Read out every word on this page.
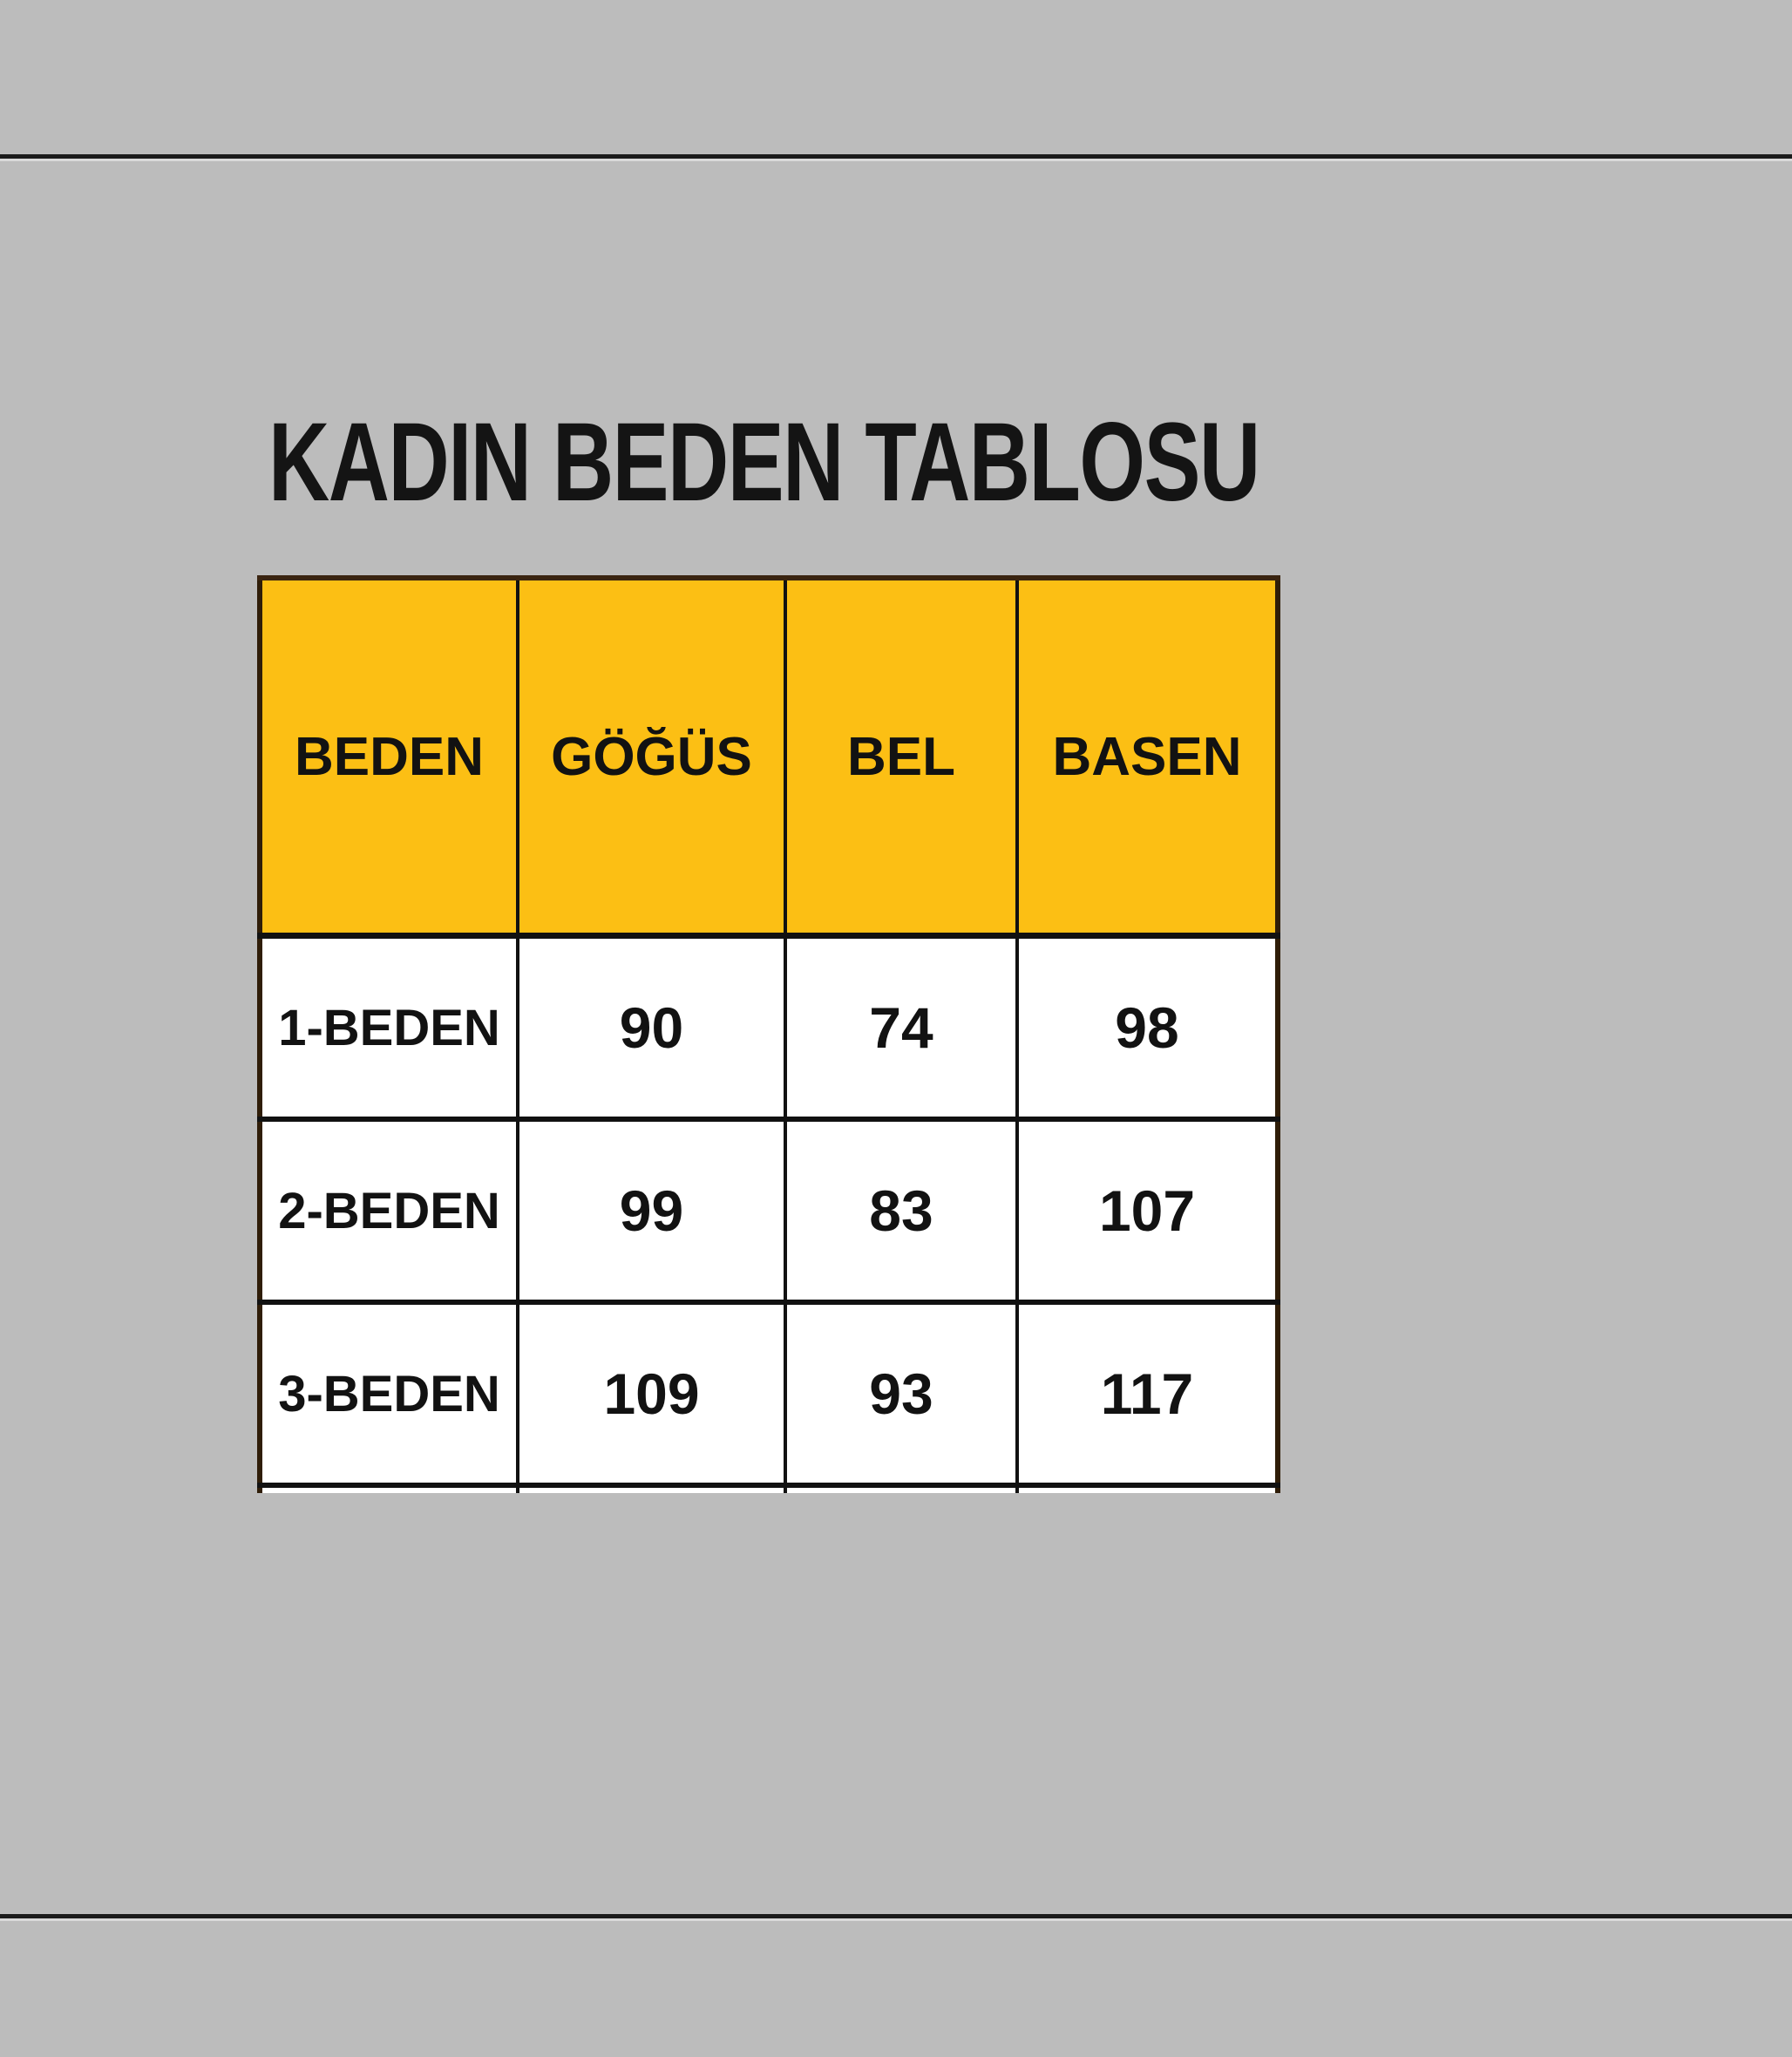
KADIN BEDEN TABLOSU
BEDEN	GÖĞÜS	BEL	BASEN
1-BEDEN	90	74	98
2-BEDEN	99	83	107
3-BEDEN	109	93	117
